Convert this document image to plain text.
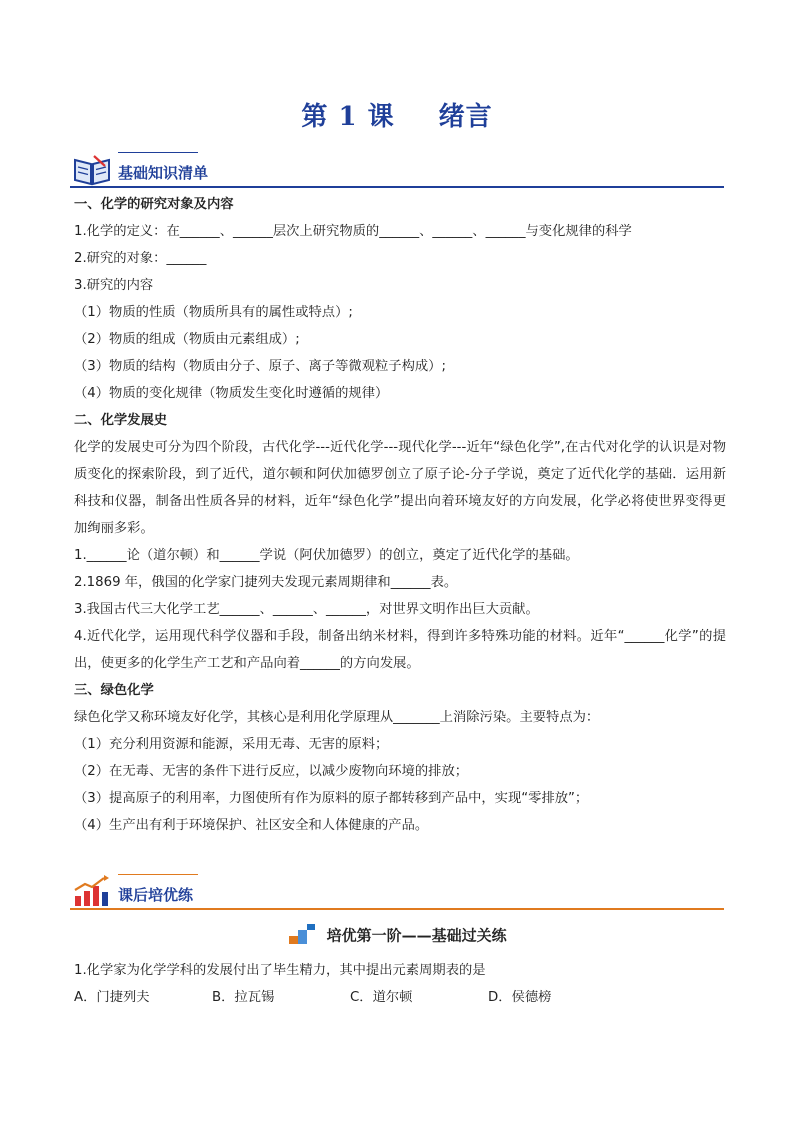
第 1 课 绪言
基础知识清单

一、化学的研究对象及内容

1.化学的定义：在______、______层次上研究物质的______、______、______与变化规律的科学

2.研究的对象：______

3.研究的内容

（1）物质的性质（物质所具有的属性或特点）;

（2）物质的组成（物质由元素组成）;

（3）物质的结构（物质由分子、原子、离子等微观粒子构成）;

（4）物质的变化规律（物质发生变化时遵循的规律）

二、化学发展史

化学的发展史可分为四个阶段，古代化学---近代化学---现代化学---近年“绿色化学”,在古代对化学的认识是对物质变化的探索阶段，到了近代，道尔顿和阿伏加德罗创立了原子论-分子学说，奠定了近代化学的基础．运用新科技和仪器，制备出性质各异的材料，近年“绿色化学”提出向着环境友好的方向发展，化学必将使世界变得更加绚丽多彩。

1.______论（道尔顿）和______学说（阿伏加德罗）的创立，奠定了近代化学的基础。

2.1869 年，俄国的化学家门捷列夫发现元素周期律和______表。

3.我国古代三大化学工艺______、______、______，对世界文明作出巨大贡献。

4.近代化学，运用现代科学仪器和手段，制备出纳米材料，得到许多特殊功能的材料。近年“______化学”的提出，使更多的化学生产工艺和产品向着______的方向发展。

三、绿色化学

绿色化学又称环境友好化学，其核心是利用化学原理从_______上消除污染。主要特点为：

（1）充分利用资源和能源，采用无毒、无害的原料；

（2）在无毒、无害的条件下进行反应，以减少废物向环境的排放；

（3）提高原子的利用率，力图使所有作为原料的原子都转移到产品中，实现“零排放”；

（4）生产出有利于环境保护、社区安全和人体健康的产品。

课后培优练
培优第一阶——基础过关练

1.化学家为化学学科的发展付出了毕生精力，其中提出元素周期表的是

A．门捷列夫	B．拉瓦锡	C．道尔顿	D．侯德榜
